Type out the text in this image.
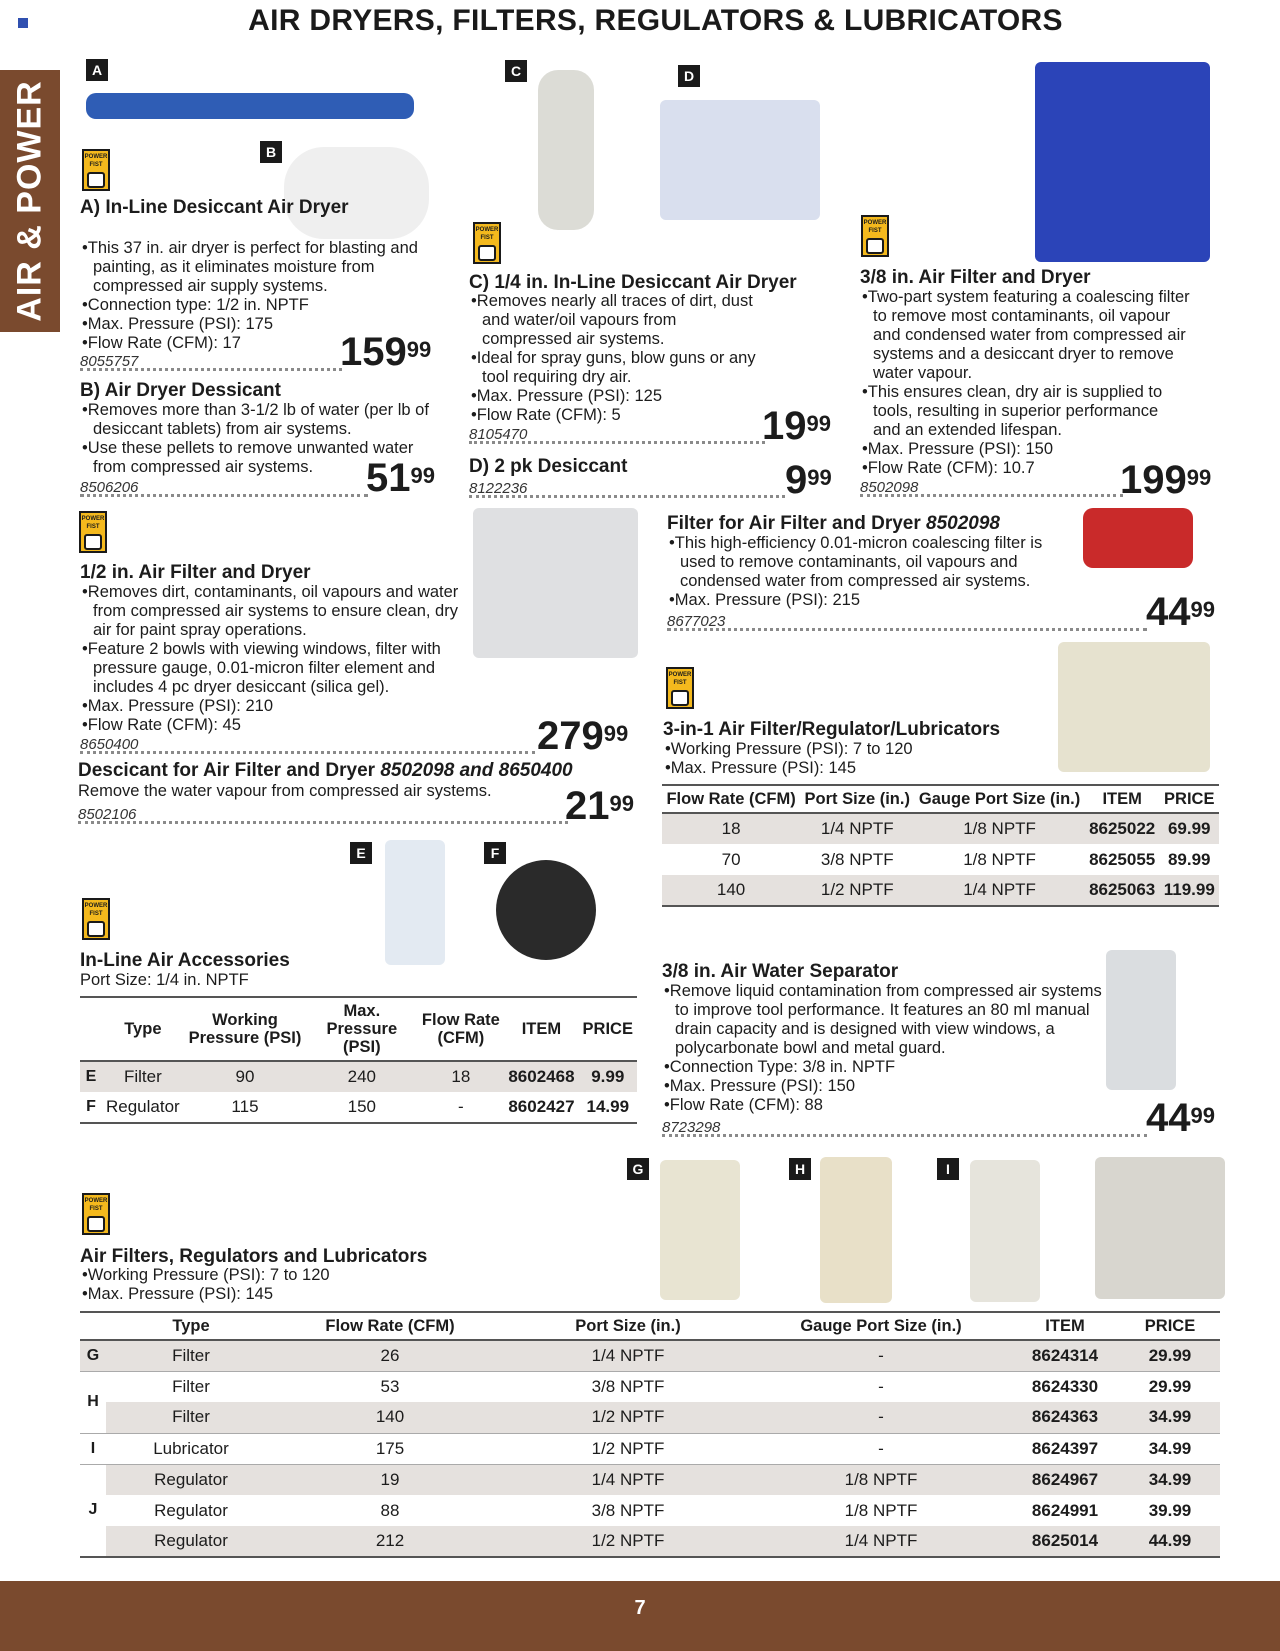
AIR DRYERS, FILTERS, REGULATORS & LUBRICATORS
AIR & POWER
A
B
POWER FIST
C	D
POWER FIST
POWER FIST
A) In-Line Desiccant Air Dryer
•This 37 in. air dryer is perfect for blasting and painting, as it eliminates moisture from compressed air supply systems.
•Connection type: 1/2 in. NPTF
•Max. Pressure (PSI): 175
•Flow Rate (CFM): 17
8055757	$159^{99}$
B) Air Dryer Dessicant
•Removes more than 3-1/2 lb of water (per lb of desiccant tablets) from air systems.
•Use these pellets to remove unwanted water from compressed air systems.
8506206	$51^{99}$
C) 1/4 in. In-Line Desiccant Air Dryer
•Removes nearly all traces of dirt, dust and water/oil vapours from compressed air systems.
•Ideal for spray guns, blow guns or any tool requiring dry air.
•Max. Pressure (PSI): 125
•Flow Rate (CFM): 5
8105470	$19^{99}$
D) 2 pk Desiccant
8122236	$9^{99}$
3/8 in. Air Filter and Dryer
•Two-part system featuring a coalescing filter to remove most contaminants, oil vapour and condensed water from compressed air systems and a desiccant dryer to remove water vapour.
•This ensures clean, dry air is supplied to tools, resulting in superior performance and an extended lifespan.
•Max. Pressure (PSI): 150
•Flow Rate (CFM): 10.7
8502098	$199^{99}$
POWER FIST
1/2 in. Air Filter and Dryer
•Removes dirt, contaminants, oil vapours and water from compressed air systems to ensure clean, dry air for paint spray operations.
•Feature 2 bowls with viewing windows, filter with pressure gauge, 0.01-micron filter element and includes 4 pc dryer desiccant (silica gel).
•Max. Pressure (PSI): 210
•Flow Rate (CFM): 45
8650400	$279^{99}$
Descicant for Air Filter and Dryer 8502098 and 8650400
Remove the water vapour from compressed air systems.
8502106	$21^{99}$
Filter for Air Filter and Dryer 8502098
•This high-efficiency 0.01-micron coalescing filter is used to remove contaminants, oil vapours and condensed water from compressed air systems.
•Max. Pressure (PSI): 215
8677023	$44^{99}$
POWER FIST
3-in-1 Air Filter/Regulator/Lubricators
•Working Pressure (PSI): 7 to 120
•Max. Pressure (PSI): 145
Flow Rate (CFM)	Port Size (in.)	Gauge Port Size (in.)	ITEM	PRICE
18	1/4 NPTF	1/8 NPTF	8625022	69.99
70	3/8 NPTF	1/8 NPTF	8625055	89.99
140	1/2 NPTF	1/4 NPTF	8625063	119.99
E	F
POWER FIST
In-Line Air Accessories
Port Size: 1/4 in. NPTF
	Type	Working Pressure (PSI)	Max. Pressure (PSI)	Flow Rate (CFM)	ITEM	PRICE
E	Filter	90	240	18	8602468	9.99
F	Regulator	115	150	-	8602427	14.99
3/8 in. Air Water Separator
•Remove liquid contamination from compressed air systems to improve tool performance. It features an 80 ml manual drain capacity and is designed with view windows, a polycarbonate bowl and metal guard.
•Connection Type: 3/8 in. NPTF
•Max. Pressure (PSI): 150
•Flow Rate (CFM): 88
8723298	$44^{99}$
G	H	I
POWER FIST
Air Filters, Regulators and Lubricators
•Working Pressure (PSI): 7 to 120
•Max. Pressure (PSI): 145
	Type	Flow Rate (CFM)	Port Size (in.)	Gauge Port Size (in.)	ITEM	PRICE
G	Filter	26	1/4 NPTF	-	8624314	29.99
H	Filter	53	3/8 NPTF	-	8624330	29.99
	Filter	140	1/2 NPTF	-	8624363	34.99
I	Lubricator	175	1/2 NPTF	-	8624397	34.99
J	Regulator	19	1/4 NPTF	1/8 NPTF	8624967	34.99
	Regulator	88	3/8 NPTF	1/8 NPTF	8624991	39.99
	Regulator	212	1/2 NPTF	1/4 NPTF	8625014	44.99
7
